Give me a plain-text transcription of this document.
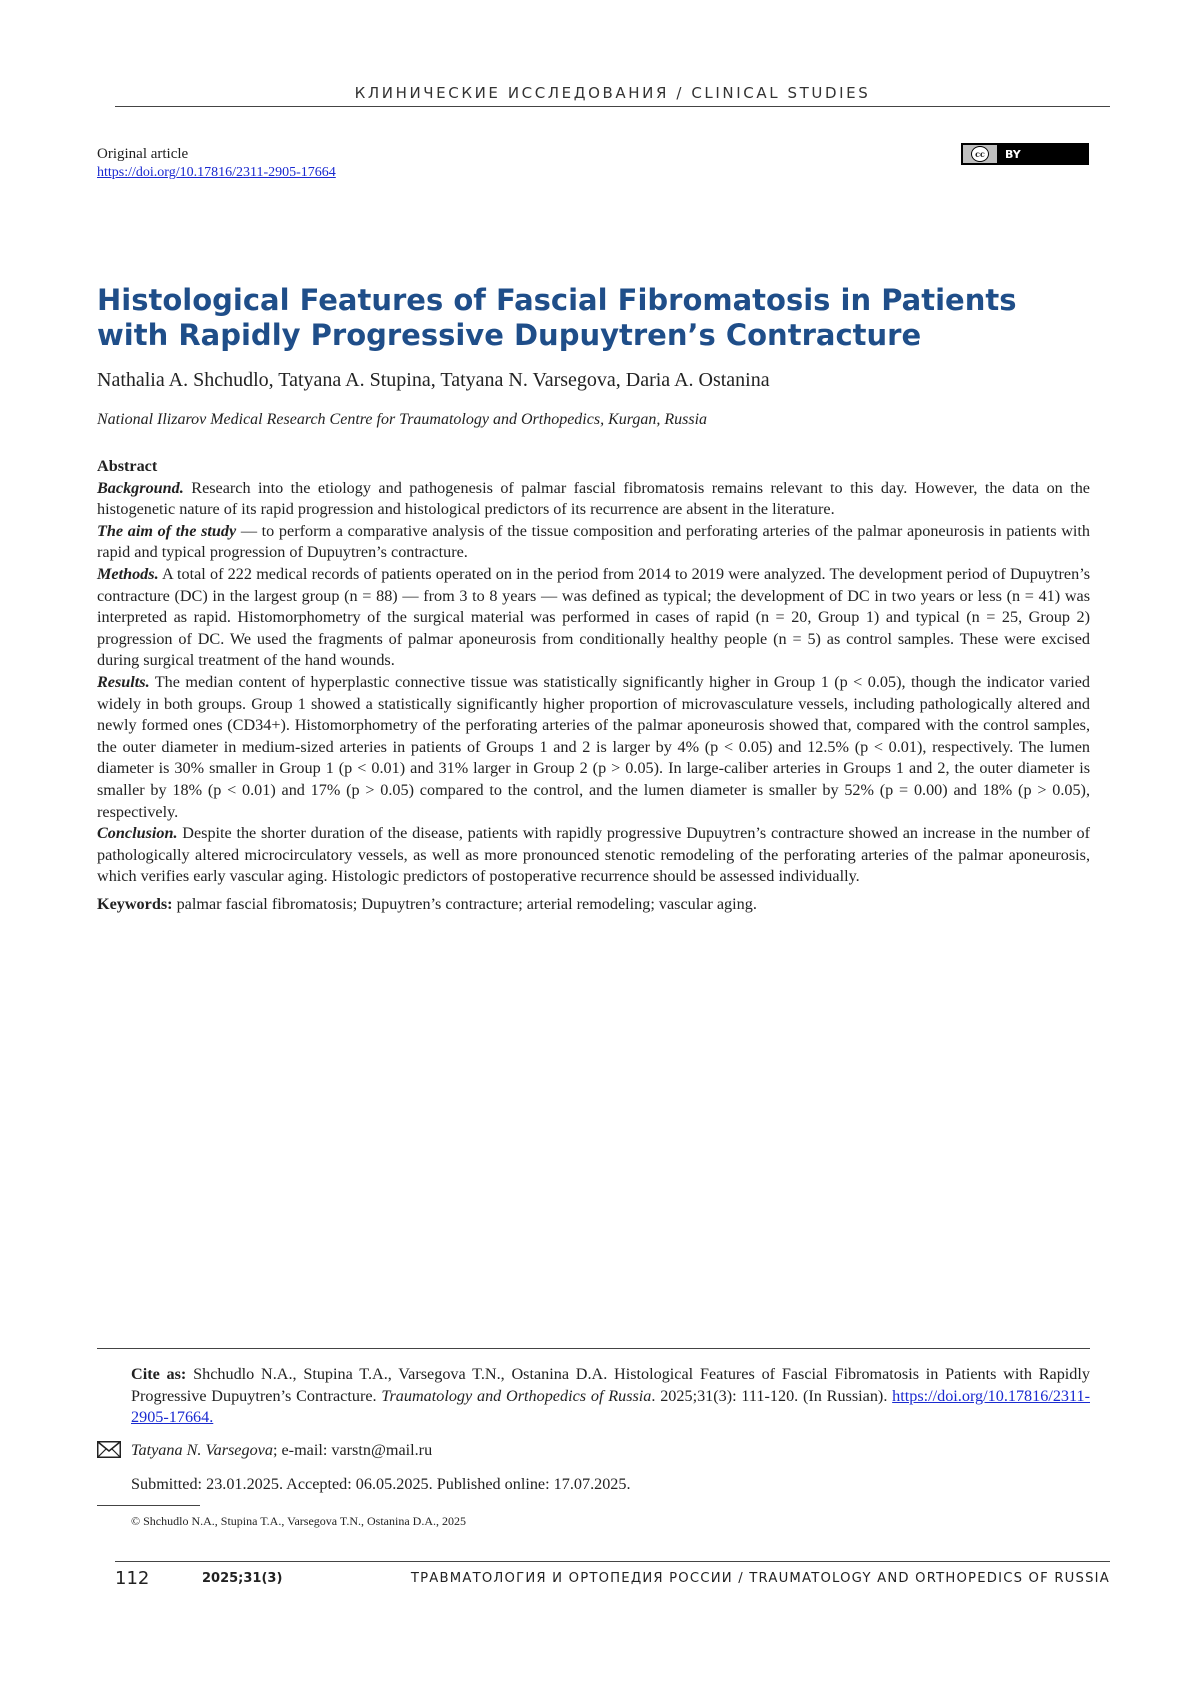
КЛИНИЧЕСКИЕ ИССЛЕДОВАНИЯ / CLINICAL STUDIES
Original article
https://doi.org/10.17816/2311-2905-17664
cc	BY
Histological Features of Fascial Fibromatosis in Patients with Rapidly Progressive Dupuytren’s Contracture
Nathalia A. Shchudlo, Tatyana A. Stupina, Tatyana N. Varsegova, Daria A. Ostanina
National Ilizarov Medical Research Centre for Traumatology and Orthopedics, Kurgan, Russia

Abstract

Background. Research into the etiology and pathogenesis of palmar fascial fibromatosis remains relevant to this day. However, the data on the histogenetic nature of its rapid progression and histological predictors of its recurrence are absent in the literature.

The aim of the study — to perform a comparative analysis of the tissue composition and perforating arteries of the palmar aponeurosis in patients with rapid and typical progression of Dupuytren’s contracture.

Methods. A total of 222 medical records of patients operated on in the period from 2014 to 2019 were analyzed. The development period of Dupuytren’s contracture (DC) in the largest group (n = 88) — from 3 to 8 years — was defined as typical; the development of DC in two years or less (n = 41) was interpreted as rapid. Histomorphometry of the surgical material was performed in cases of rapid (n = 20, Group 1) and typical (n = 25, Group 2) progression of DC. We used the fragments of palmar aponeurosis from conditionally healthy people (n = 5) as control samples. These were excised during surgical treatment of the hand wounds.

Results. The median content of hyperplastic connective tissue was statistically significantly higher in Group 1 (p < 0.05), though the indicator varied widely in both groups. Group 1 showed a statistically significantly higher proportion of microvasculature vessels, including pathologically altered and newly formed ones (CD34+). Histomorphometry of the perforating arteries of the palmar aponeurosis showed that, compared with the control samples, the outer diameter in medium-sized arteries in patients of Groups 1 and 2 is larger by 4% (p < 0.05) and 12.5% (p < 0.01), respectively. The lumen diameter is 30% smaller in Group 1 (p < 0.01) and 31% larger in Group 2 (p > 0.05). In large-caliber arteries in Groups 1 and 2, the outer diameter is smaller by 18% (p < 0.01) and 17% (p > 0.05) compared to the control, and the lumen diameter is smaller by 52% (p = 0.00) and 18% (p > 0.05), respectively.

Conclusion. Despite the shorter duration of the disease, patients with rapidly progressive Dupuytren’s contracture showed an increase in the number of pathologically altered microcirculatory vessels, as well as more pronounced stenotic remodeling of the perforating arteries of the palmar aponeurosis, which verifies early vascular aging. Histologic predictors of postoperative recurrence should be assessed individually.

Keywords: palmar fascial fibromatosis; Dupuytren’s contracture; arterial remodeling; vascular aging.

Cite as: Shchudlo N.A., Stupina T.A., Varsegova T.N., Ostanina D.A. Histological Features of Fascial Fibromatosis in Patients with Rapidly Progressive Dupuytren’s Contracture. Traumatology and Orthopedics of Russia. 2025;31(3): 111-120. (In Russian). https://doi.org/10.17816/2311-2905-17664.
Tatyana N. Varsegova; e-mail: varstn@mail.ru
Submitted: 23.01.2025. Accepted: 06.05.2025. Published online: 17.07.2025.
© Shchudlo N.A., Stupina T.A., Varsegova T.N., Ostanina D.A., 2025
112	2025;31(3)	ТРАВМАТОЛОГИЯ И ОРТОПЕДИЯ РОССИИ / TRAUMATOLOGY AND ORTHOPEDICS OF RUSSIA
